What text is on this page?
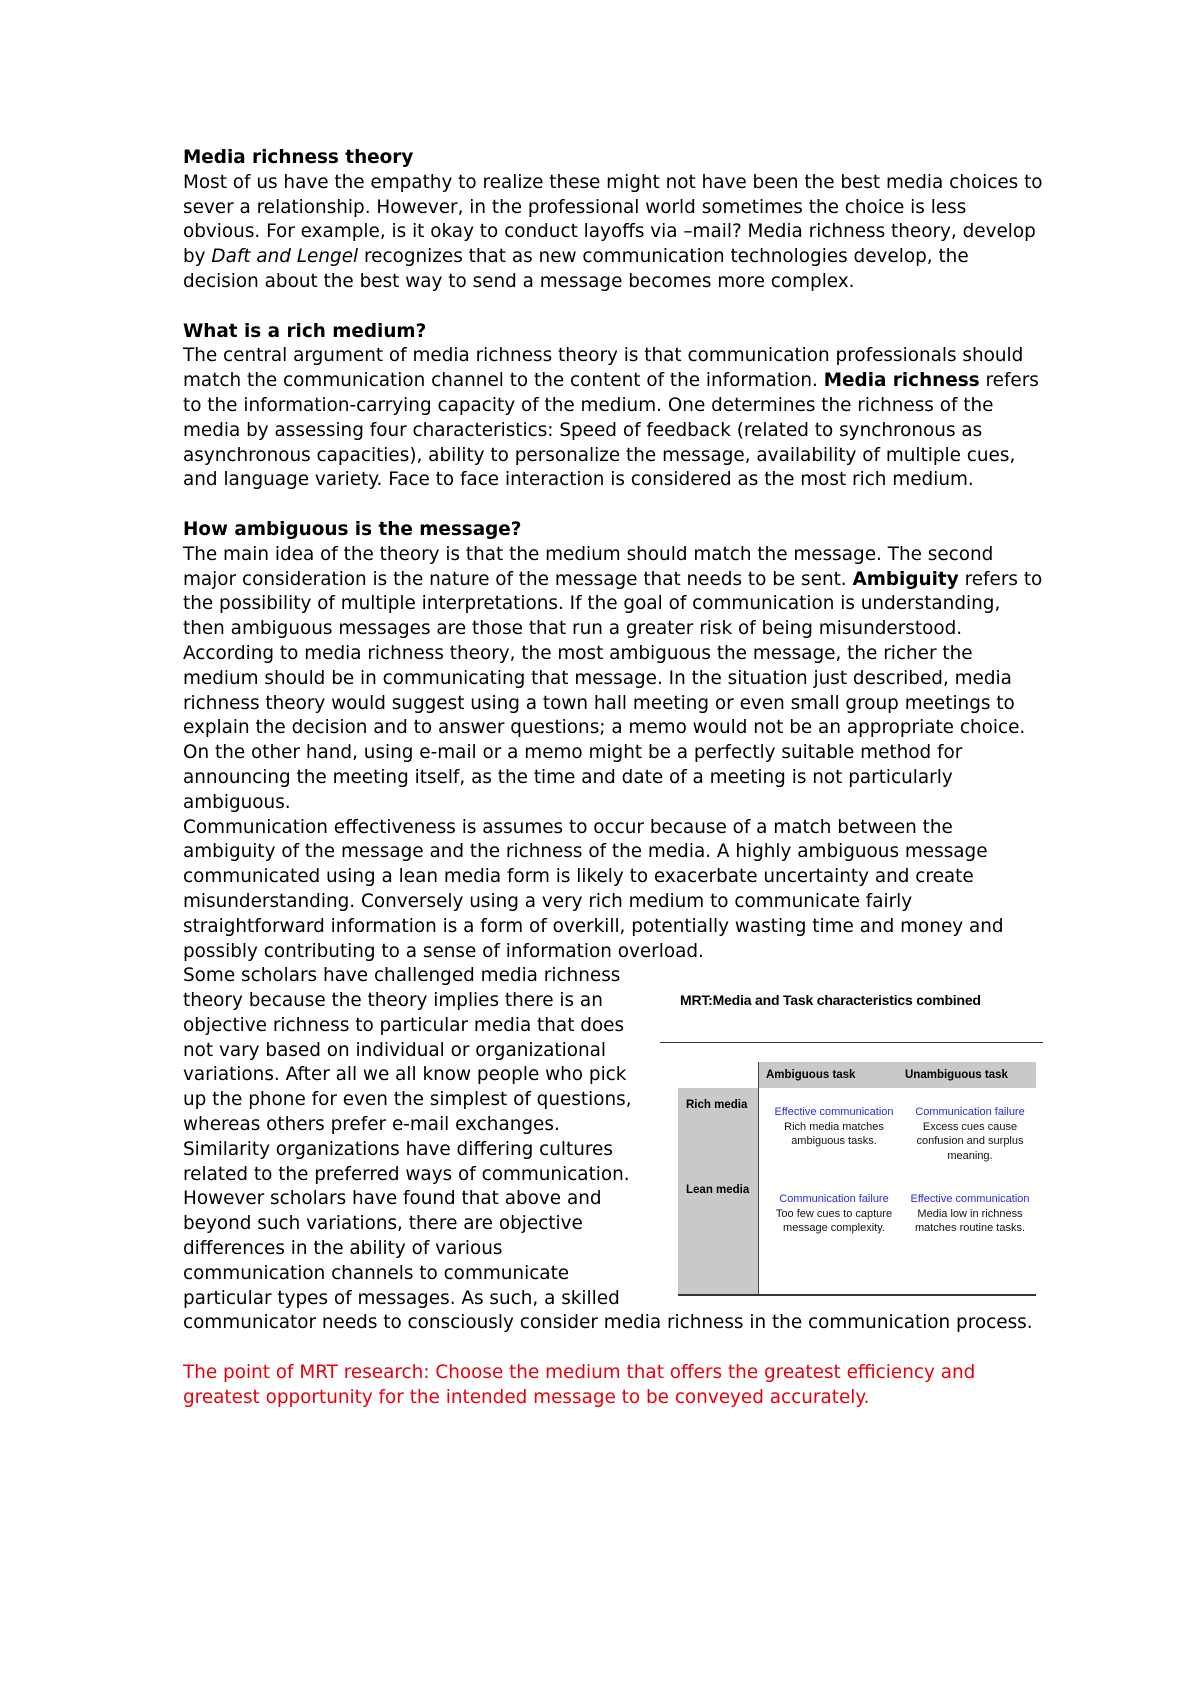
Media richness theory

Most of us have the empathy to realize these might not have been the best media choices to sever a relationship. However, in the professional world sometimes the choice is less obvious. For example, is it okay to conduct layoffs via –mail? Media richness theory, develop by Daft and Lengel recognizes that as new communication technologies develop, the decision about the best way to send a message becomes more complex.

What is a rich medium?

The central argument of media richness theory is that communication professionals should match the communication channel to the content of the information. Media richness refers to the information-carrying capacity of the medium. One determines the richness of the media by assessing four characteristics: Speed of feedback (related to synchronous as asynchronous capacities), ability to personalize the message, availability of multiple cues, and language variety. Face to face interaction is considered as the most rich medium.

How ambiguous is the message?

The main idea of the theory is that the medium should match the message. The second major consideration is the nature of the message that needs to be sent. Ambiguity refers to the possibility of multiple interpretations. If the goal of communication is understanding, then ambiguous messages are those that run a greater risk of being misunderstood.

According to media richness theory, the most ambiguous the message, the richer the medium should be in communicating that message. In the situation just described, media richness theory would suggest using a town hall meeting or even small group meetings to explain the decision and to answer questions; a memo would not be an appropriate choice. On the other hand, using e-mail or a memo might be a perfectly suitable method for announcing the meeting itself, as the time and date of a meeting is not particularly ambiguous.

Communication effectiveness is assumes to occur because of a match between the ambiguity of the message and the richness of the media. A highly ambiguous message communicated using a lean media form is likely to exacerbate uncertainty and create misunderstanding. Conversely using a very rich medium to communicate fairly straightforward information is a form of overkill, potentially wasting time and money and possibly contributing to a sense of information overload.

MRT:Media and Task characteristics combined
Ambiguous task	Unambiguous task
Rich media
Lean media
Effective communication
Rich media matches ambiguous tasks.
Communication failure
Excess cues cause confusion and surplus meaning.
Communication failure
Too few cues to capture message complexity.
Effective communication
Media low in richness matches routine tasks.

Some scholars have challenged media richness theory because the theory implies there is an objective richness to particular media that does not vary based on individual or organizational variations. After all we all know people who pick up the phone for even the simplest of questions, whereas others prefer e-mail exchanges. Similarity organizations have differing cultures related to the preferred ways of communication. However scholars have found that above and beyond such variations, there are objective differences in the ability of various communication channels to communicate particular types of messages. As such, a skilled communicator needs to consciously consider media richness in the communication process.

The point of MRT research: Choose the medium that offers the greatest efficiency and greatest opportunity for the intended message to be conveyed accurately.
